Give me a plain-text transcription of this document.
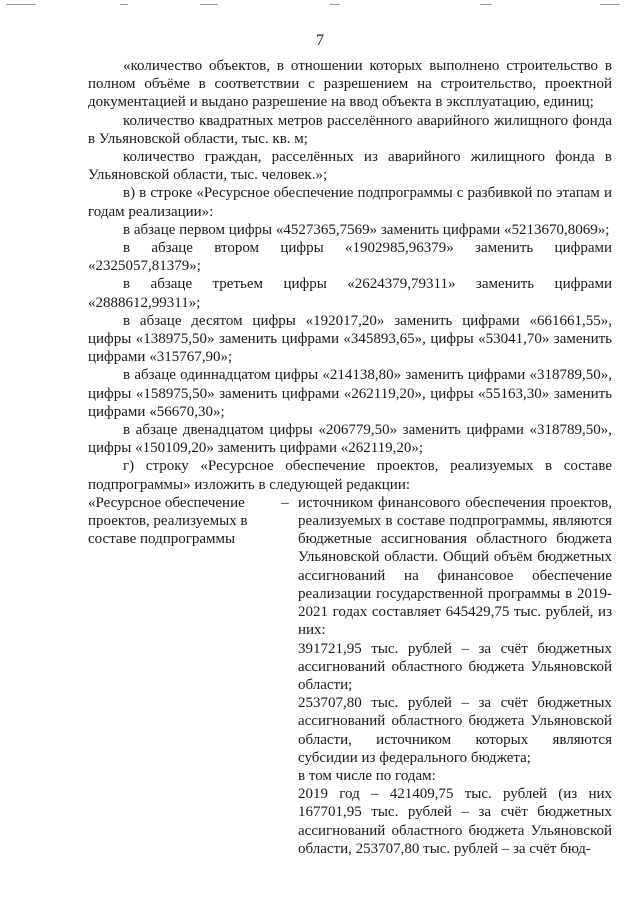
7

«количество объектов, в отношении которых выполнено строительство в полном объёме в соответствии с разрешением на строительство, проектной документацией и выдано разрешение на ввод объекта в эксплуатацию, единиц;

количество квадратных метров расселённого аварийного жилищного фонда в Ульяновской области, тыс. кв. м;

количество граждан, расселённых из аварийного жилищного фонда в Ульяновской области, тыс. человек.»;

в) в строке «Ресурсное обеспечение подпрограммы с разбивкой по этапам и годам реализации»:

в абзаце первом цифры «4527365,7569» заменить цифрами «5213670,8069»;

в абзаце втором цифры «1902985,96379» заменить цифрами «2325057,81379»;

в абзаце третьем цифры «2624379,79311» заменить цифрами «2888612,99311»;

в абзаце десятом цифры «192017,20» заменить цифрами «661661,55», цифры «138975,50» заменить цифрами «345893,65», цифры «53041,70» заменить цифрами «315767,90»;

в абзаце одиннадцатом цифры «214138,80» заменить цифрами «318789,50», цифры «158975,50» заменить цифрами «262119,20», цифры «55163,30» заменить цифрами «56670,30»;

в абзаце двенадцатом цифры «206779,50» заменить цифрами «318789,50», цифры «150109,20» заменить цифрами «262119,20»;

г) строку «Ресурсное обеспечение проектов, реализуемых в составе подпрограммы» изложить в следующей редакции:

«Ресурсное обеспечение проектов, реализуемых в составе подпрограммы
– источником финансового обеспечения проектов, реализуемых в составе подпрограммы, являются бюджетные ассигнования областного бюджета Ульяновской области. Общий объём бюджетных ассигнований на финансовое обеспечение реализации государственной программы в 2019-2021 годах составляет 645429,75 тыс. рублей, из них:

391721,95 тыс. рублей – за счёт бюджетных ассигнований областного бюджета Ульяновской области;

253707,80 тыс. рублей – за счёт бюджетных ассигнований областного бюджета Ульяновской области, источником которых являются субсидии из федерального бюджета;

в том числе по годам:

2019 год – 421409,75 тыс. рублей (из них 167701,95 тыс. рублей – за счёт бюджетных ассигнований областного бюджета Ульяновской области, 253707,80 тыс. рублей – за счёт бюд-
